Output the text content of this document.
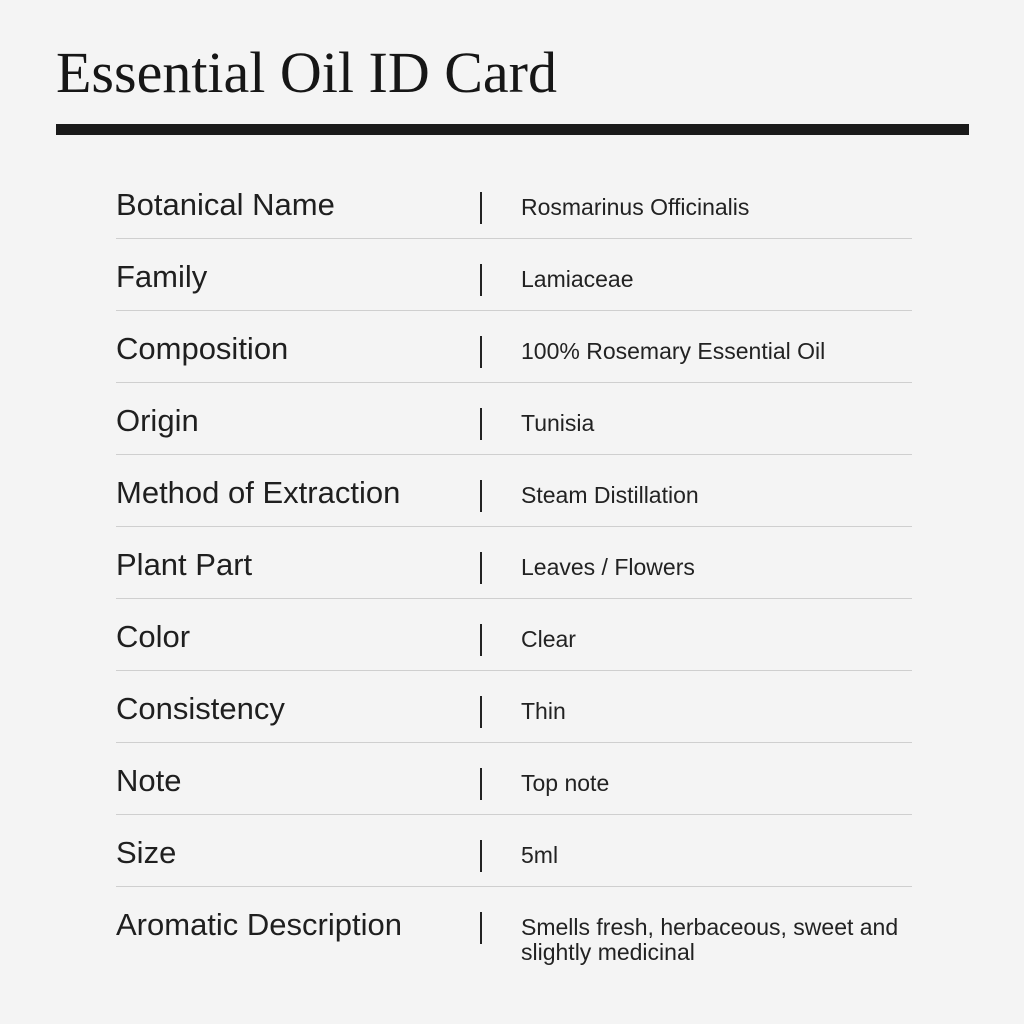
Essential Oil ID Card
Botanical Name	Rosmarinus Officinalis
Family	Lamiaceae
Composition	100% Rosemary Essential Oil
Origin	Tunisia
Method of Extraction	Steam Distillation
Plant Part	Leaves / Flowers
Color	Clear
Consistency	Thin
Note	Top note
Size	5ml
Aromatic Description	Smells fresh, herbaceous, sweet and slightly medicinal
